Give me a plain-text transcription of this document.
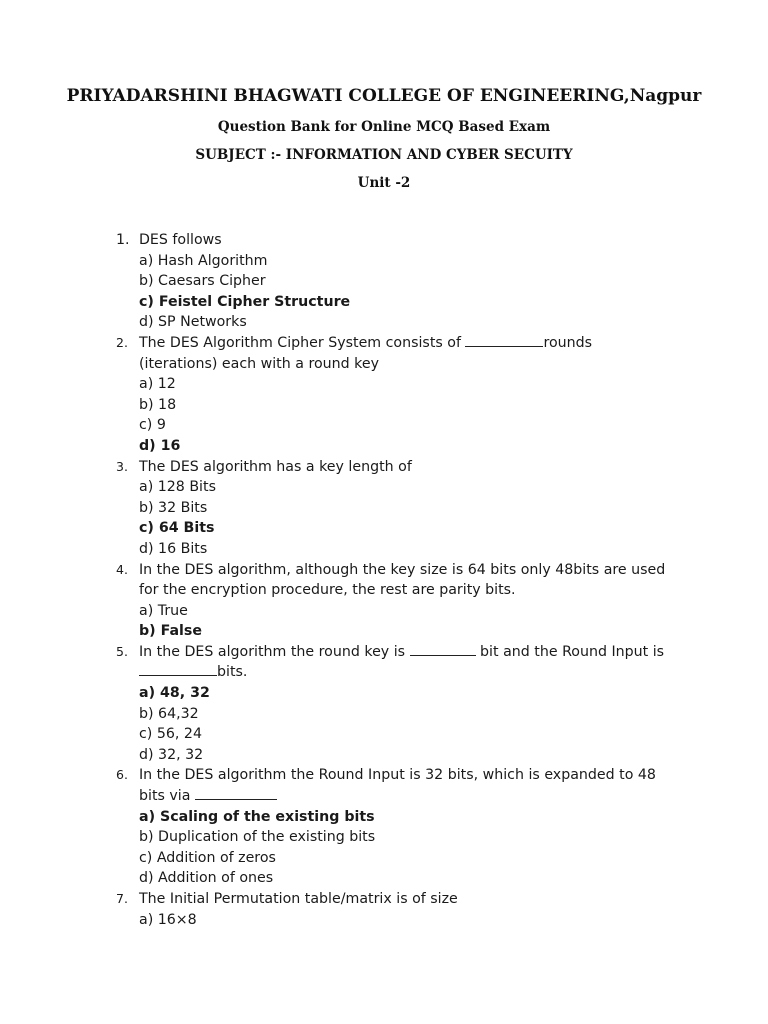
PRIYADARSHINI BHAGWATI COLLEGE OF ENGINEERING,Nagpur
Question Bank for Online MCQ Based Exam
SUBJECT :- INFORMATION AND CYBER SECUITY
Unit -2
1. DES follows
a) Hash Algorithm
b) Caesars Cipher
c) Feistel Cipher Structure
d) SP Networks
2. The DES Algorithm Cipher System consists of	rounds (iterations) each with a round key
a) 12
b) 18
c) 9
d) 16
3. The DES algorithm has a key length of
a) 128 Bits
b) 32 Bits
c) 64 Bits
d) 16 Bits
4. In the DES algorithm, although the key size is 64 bits only 48bits are used for the encryption procedure, the rest are parity bits.
a) True
b) False
5. In the DES algorithm the round key is	bit and the Round Input is bits.
a) 48, 32
b) 64,32
c) 56, 24
d) 32, 32
6. In the DES algorithm the Round Input is 32 bits, which is expanded to 48 bits via
a) Scaling of the existing bits
b) Duplication of the existing bits
c) Addition of zeros
d) Addition of ones
7. The Initial Permutation table/matrix is of size
a) 16×8
